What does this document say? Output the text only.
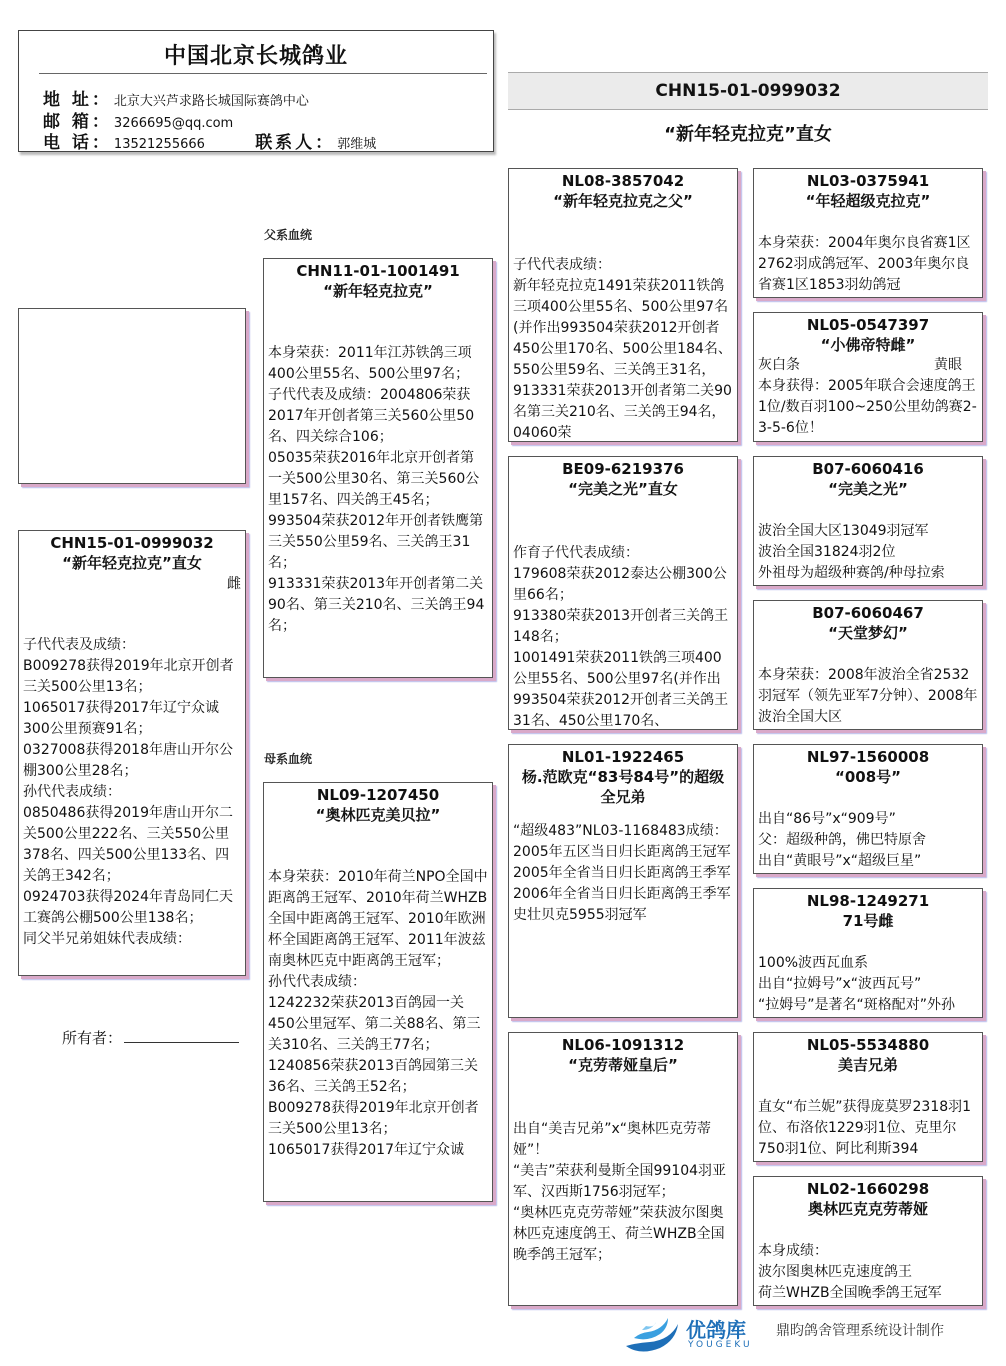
中国北京长城鸽业
地 址： 北京大兴芦求路长城国际赛鸽中心
邮 箱： 3266695@qq.com
电 话： 13521255666	联系人： 郭维城
CHN15-01-0999032
“新年轻克拉克”直女
CHN15-01-0999032
“新年轻克拉克”直女
雌
子代代表及成绩：
B009278获得2019年北京开创者三关500公里13名；
1065017获得2017年辽宁众诚300公里预赛91名；
0327008获得2018年唐山开尔公棚300公里28名；
孙代代表成绩：
0850486获得2019年唐山开尔二关500公里222名、三关550公里378名、四关500公里133名、四关鸽王342名；
0924703获得2024年青岛同仁天工赛鸽公棚500公里138名；
同父半兄弟姐妹代表成绩：
所有者：
父系血统
母系血统
CHN11-01-1001491
“新年轻克拉克”
本身荣获：2011年江苏铁鸽三项400公里55名、500公里97名；
子代代表及成绩：2004806荣获2017年开创者第三关560公里50名、四关综合106；
05035荣获2016年北京开创者第一关500公里30名、第三关560公里157名、四关鸽王45名；
993504荣获2012年开创者铁鹰第三关550公里59名、三关鸽王31名；
913331荣获2013年开创者第二关90名、第三关210名、三关鸽王94名；
NL09-1207450
“奥林匹克美贝拉”
本身荣获：2010年荷兰NPO全国中距离鸽王冠军、2010年荷兰WHZB全国中距离鸽王冠军、2010年欧洲杯全国距离鸽王冠军、2011年波兹南奥林匹克中距离鸽王冠军；
孙代代表成绩：
1242232荣获2013百鸽园一关450公里冠军、第二关88名、第三关310名、三关鸽王77名；
1240856荣获2013百鸽园第三关36名、三关鸽王52名；
B009278获得2019年北京开创者三关500公里13名；
1065017获得2017年辽宁众诚
NL08-3857042
“新年轻克拉克之父”
子代代表成绩：
新年轻克拉克1491荣获2011铁鸽三项400公里55名、500公里97名(并作出993504荣获2012开创者450公里170名、500公里184名、550公里59名、三关鸽王31名，913331荣获2013开创者第二关90名第三关210名、三关鸽王94名，04060荣
BE09-6219376
“完美之光”直女
作育子代代表成绩：
179608荣获2012泰达公棚300公里66名；
913380荣获2013开创者三关鸽王148名；
1001491荣获2011铁鸽三项400公里55名、500公里97名(并作出993504荣获2012开创者三关鸽王31名、450公里170名、
NL01-1922465
杨.范欧克“83号84号”的超级全兄弟
“超级483”NL03-1168483成绩：
2005年五区当日归长距离鸽王冠军
2005年全省当日归长距离鸽王季军
2006年全省当日归长距离鸽王季军
史壮贝克5955羽冠军
NL06-1091312
“克劳蒂娅皇后”
出自“美吉兄弟”x“奥林匹克劳蒂娅”！
“美吉”荣获利曼斯全国99104羽亚军、汉西斯1756羽冠军；
“奥林匹克克劳蒂娅”荣获波尔图奥林匹克速度鸽王、荷兰WHZB全国晚季鸽王冠军；
NL03-0375941
“年轻超级克拉克”
本身荣获：2004年奥尔良省赛1区2762羽成鸽冠军、2003年奥尔良省赛1区1853羽幼鸽冠
NL05-0547397
“小佛帝特雌”
灰白条	黄眼
本身获得：2005年联合会速度鸽王1位/数百羽100~250公里幼鸽赛2-3-5-6位！
B07-6060416
“完美之光”
波治全国大区13049羽冠军
波治全国31824羽2位
外祖母为超级种赛鸽/种母拉索
B07-6060467
“天堂梦幻”
本身荣获：2008年波治全省2532羽冠军（领先亚军7分钟）、2008年波治全国大区
NL97-1560008
“008号”
出自“86号”x“909号”
父：超级种鸽，佛巴特原舍
出自“黄眼号”x“超级巨星”
NL98-1249271
71号雌
100%波西瓦血系
出自“拉姆号”x“波西瓦号”
“拉姆号”是著名“斑格配对”外孙
NL05-5534880
美吉兄弟
直女“布兰妮”获得庞莫罗2318羽1位、布洛依1229羽1位、克里尔750羽1位、阿比利斯394
NL02-1660298
奥林匹克克劳蒂娅
本身成绩：
波尔图奥林匹克速度鸽王
荷兰WHZB全国晚季鸽王冠军
优鸽库
YOUGEKU
鼎昀鸽舍管理系统设计制作
